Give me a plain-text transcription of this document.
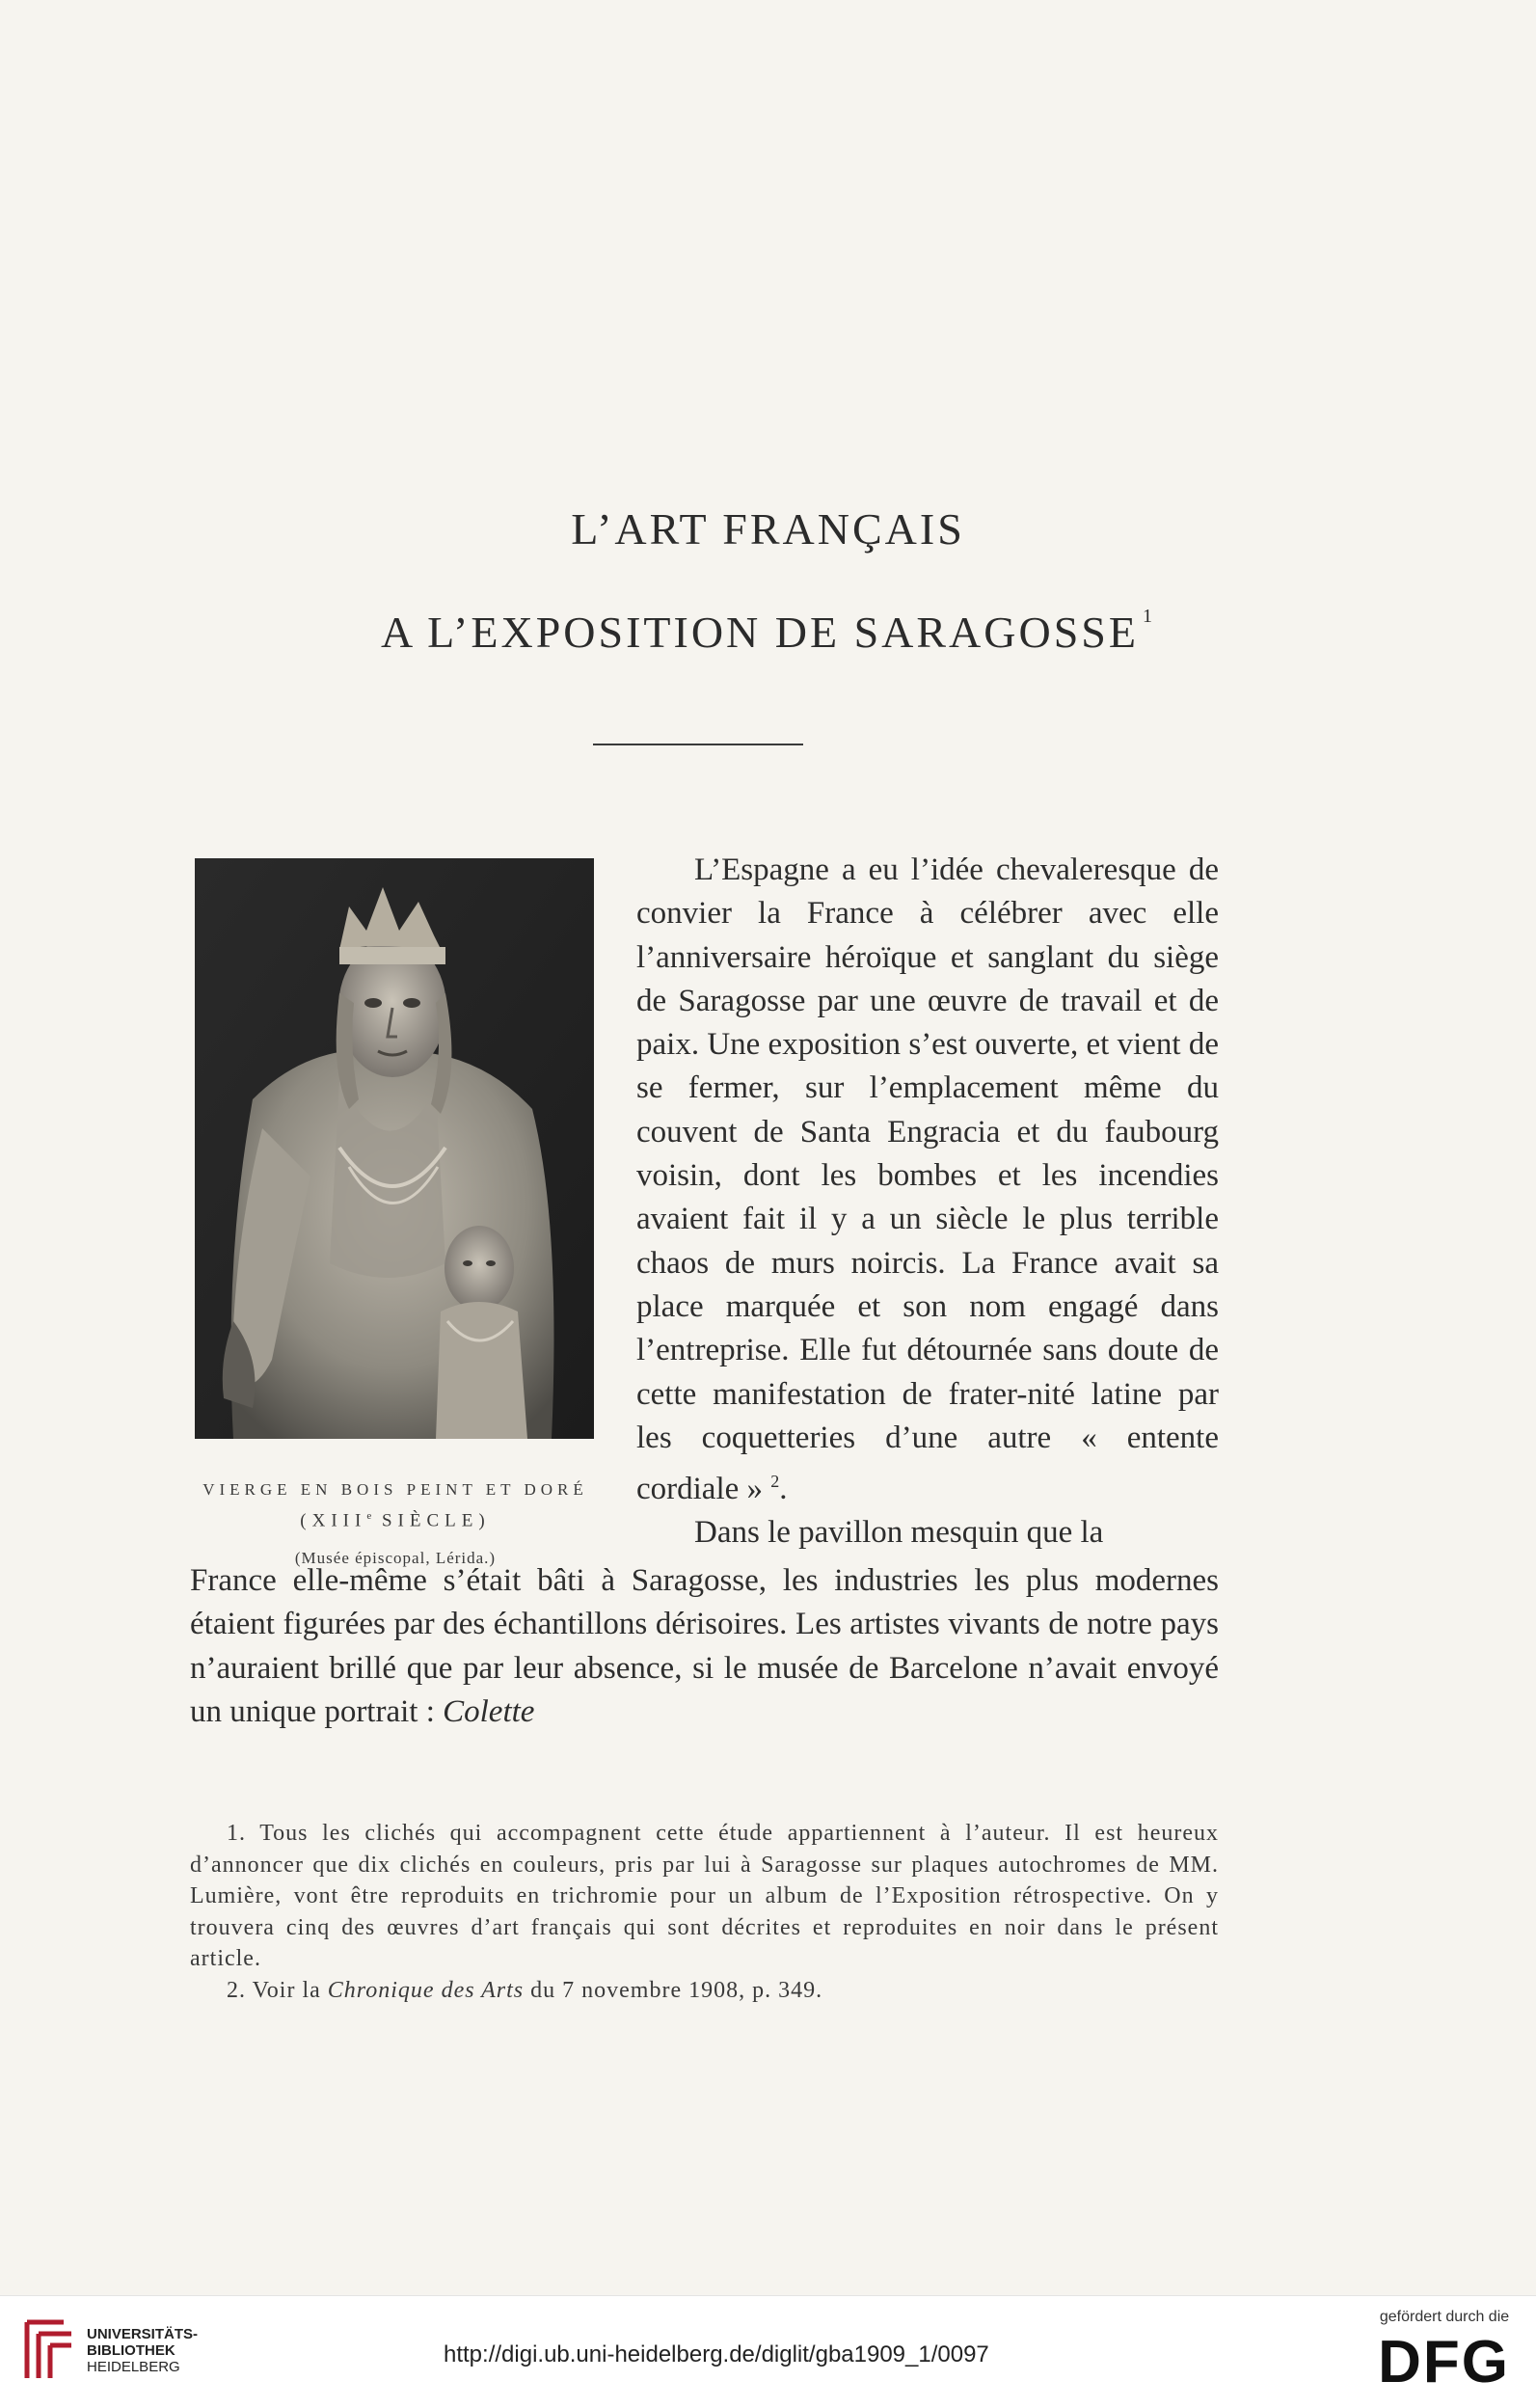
L’ART FRANÇAIS
A L’EXPOSITION DE SARAGOSSE $^1$
VIERGE EN BOIS PEINT ET DORÉ
(XIIIe SIÈCLE)
(Musée épiscopal, Lérida.)

L’Espagne a eu l’idée chevaleresque de convier la France à célébrer avec elle l’anniversaire héroïque et sanglant du siège de Saragosse par une œuvre de travail et de paix. Une exposition s’est ouverte, et vient de se fermer, sur l’emplacement même du couvent de Santa Engracia et du faubourg voisin, dont les bombes et les incendies avaient fait il y a un siècle le plus terrible chaos de murs noircis. La France avait sa place marquée et son nom engagé dans l’entreprise. Elle fut détournée sans doute de cette manifestation de frater-nité latine par les coquetteries d’une autre « entente cordiale » $^2$.

Dans le pavillon mesquin que la

France elle-même s’était bâti à Saragosse, les industries les plus modernes étaient figurées par des échantillons dérisoires. Les artistes vivants de notre pays n’auraient brillé que par leur absence, si le musée de Barcelone n’avait envoyé un unique portrait : Colette

1. Tous les clichés qui accompagnent cette étude appartiennent à l’auteur. Il est heureux d’annoncer que dix clichés en couleurs, pris par lui à Saragosse sur plaques autochromes de MM. Lumière, vont être reproduits en trichromie pour un album de l’Exposition rétrospective. On y trouvera cinq des œuvres d’art français qui sont décrites et reproduites en noir dans le présent article.

2. Voir la Chronique des Arts du 7 novembre 1908, p. 349.

UNIVERSITÄTS-
BIBLIOTHEK
HEIDELBERG	http://digi.ub.uni-heidelberg.de/diglit/gba1909_1/0097
gefördert durch die
DFG
